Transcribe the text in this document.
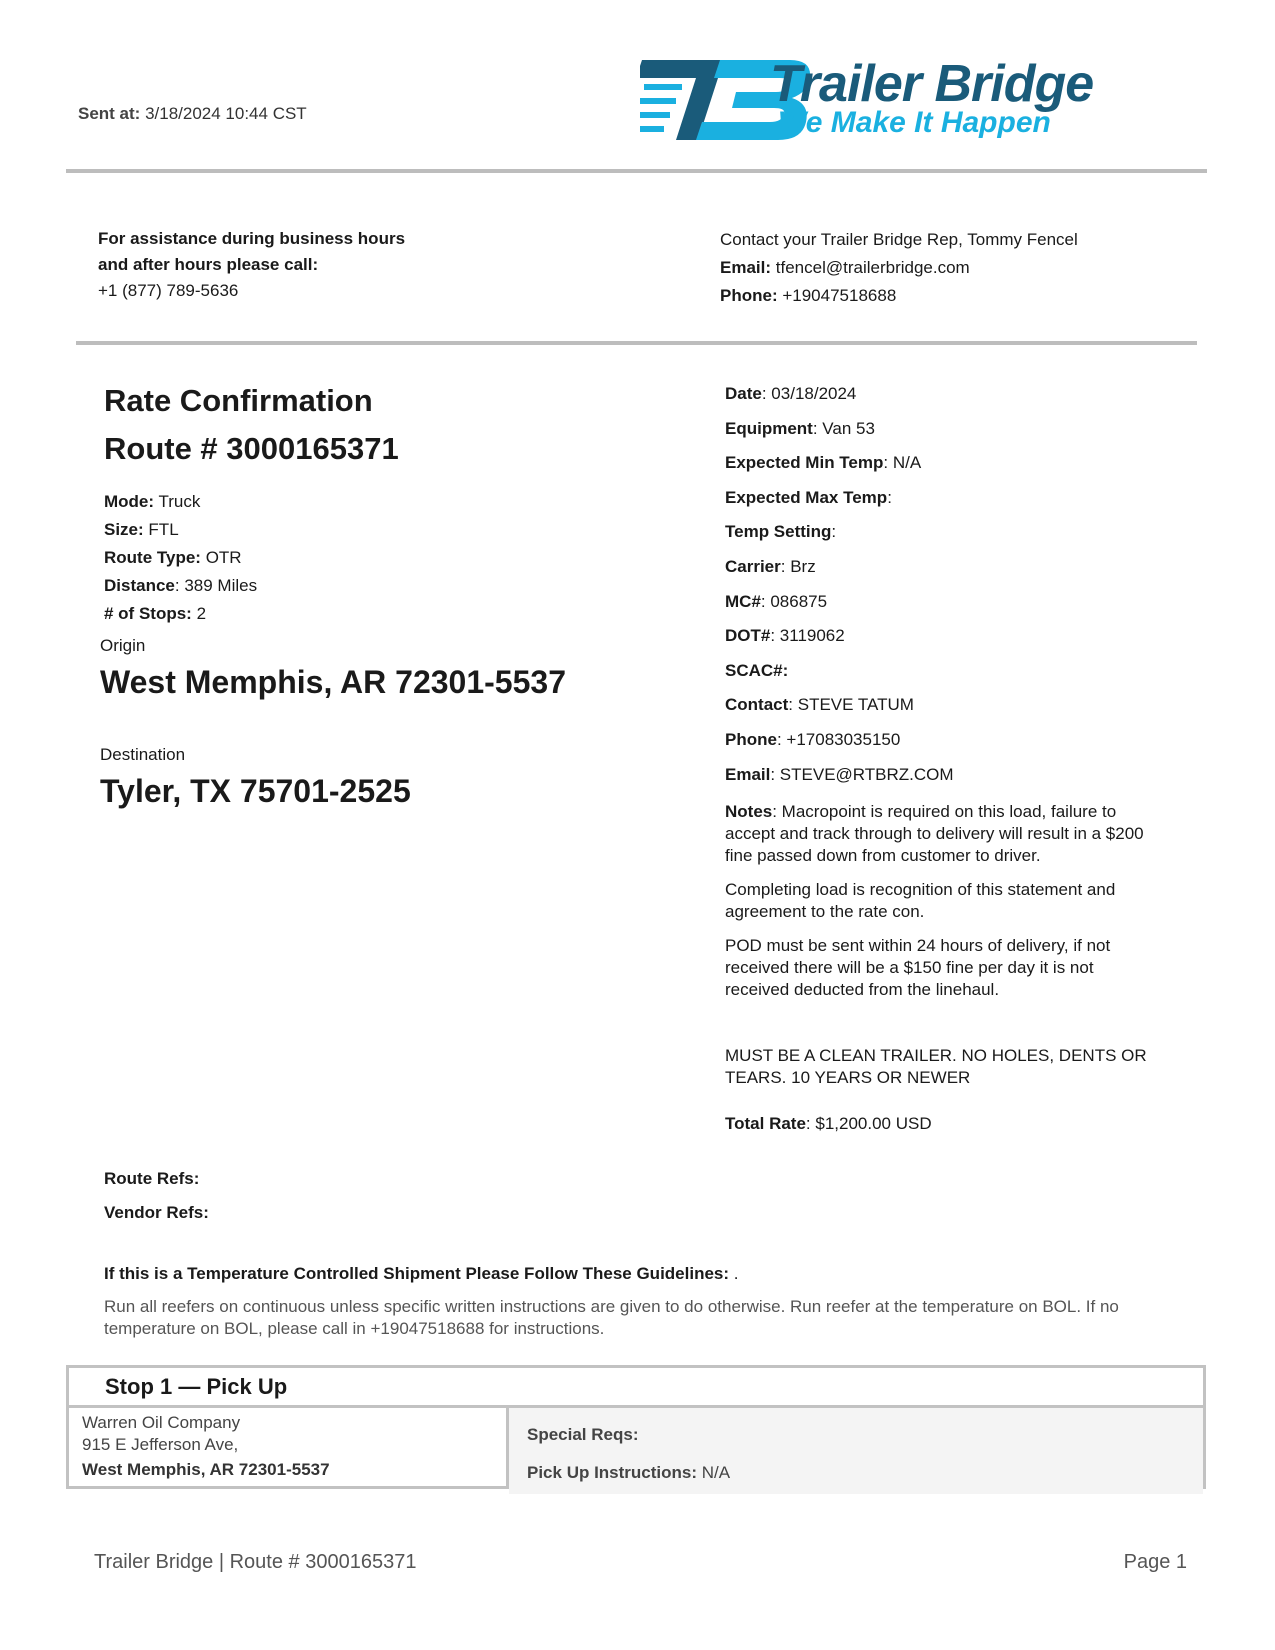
Sent at: 3/18/2024 10:44 CST
Trailer Bridge
We Make It Happen
For assistance during business hours
and after hours please call:
+1 (877) 789-5636
Contact your Trailer Bridge Rep, Tommy Fencel
Email: tfencel@trailerbridge.com
Phone: +19047518688
Rate Confirmation
Route # 3000165371
Mode: Truck
Size: FTL
Route Type: OTR
Distance: 389 Miles
# of Stops: 2
Origin
West Memphis, AR 72301-5537
Destination
Tyler, TX 75701-2525
Date: 03/18/2024
Equipment: Van 53
Expected Min Temp: N/A
Expected Max Temp:
Temp Setting:
Carrier: Brz
MC#: 086875
DOT#: 3119062
SCAC#:
Contact: STEVE TATUM
Phone: +17083035150
Email: STEVE@RTBRZ.COM

Notes: Macropoint is required on this load, failure to accept and track through to delivery will result in a $200 fine passed down from customer to driver.

Completing load is recognition of this statement and agreement to the rate con.

POD must be sent within 24 hours of delivery, if not received there will be a $150 fine per day it is not received deducted from the linehaul.

MUST BE A CLEAN TRAILER. NO HOLES, DENTS OR TEARS. 10 YEARS OR NEWER
Total Rate: $1,200.00 USD
Route Refs:
Vendor Refs:
If this is a Temperature Controlled Shipment Please Follow These Guidelines: .
Run all reefers on continuous unless specific written instructions are given to do otherwise. Run reefer at the temperature on BOL. If no temperature on BOL, please call in +19047518688 for instructions.
Stop 1 — Pick Up
Warren Oil Company
915 E Jefferson Ave,
West Memphis, AR 72301-5537
Special Reqs:
Pick Up Instructions: N/A
Trailer Bridge | Route # 3000165371	Page 1
